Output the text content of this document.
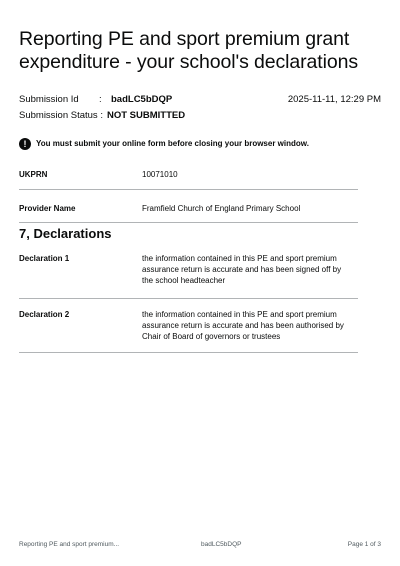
Reporting PE and sport premium grant expenditure - your school's declarations
Submission Id	: badLC5bDQP	2025-11-11, 12:29 PM
Submission Status : NOT SUBMITTED
!	You must submit your online form before closing your browser window.
UKPRN	10071010
Provider Name	Framfield Church of England Primary School
7, Declarations
Declaration 1	the information contained in this PE and sport premium assurance return is accurate and has been signed off by the school headteacher
Declaration 2	the information contained in this PE and sport premium assurance return is accurate and has been authorised by Chair of Board of governors or trustees
Reporting PE and sport premium...	badLC5bDQP	Page 1 of 3
